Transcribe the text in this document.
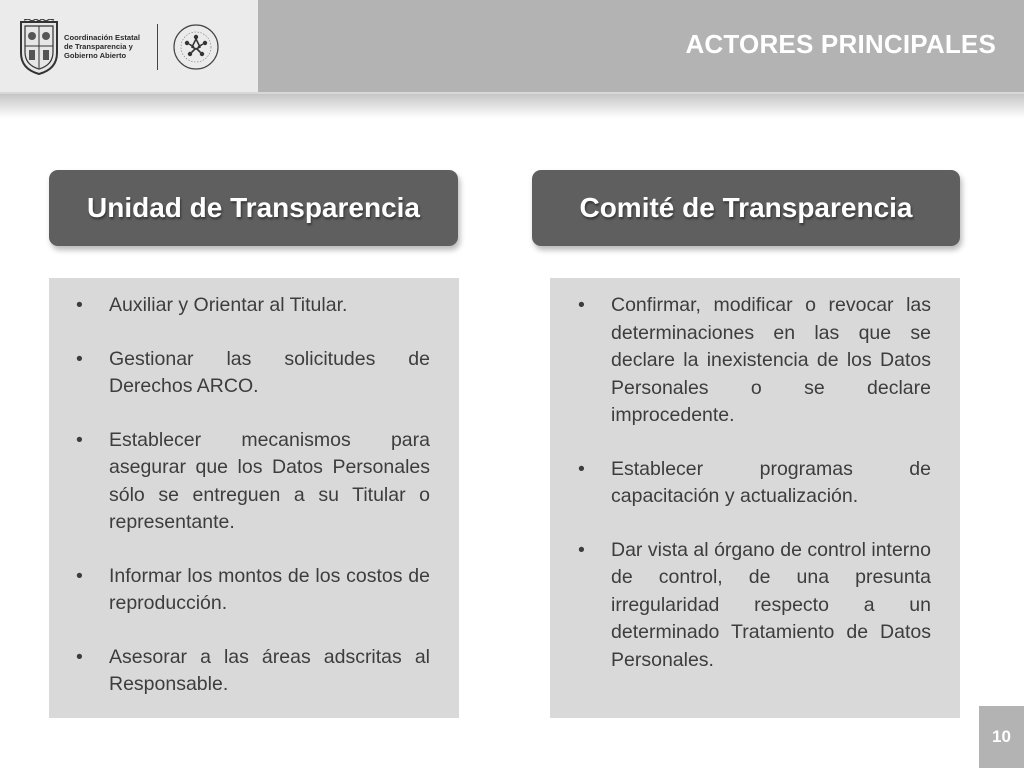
Coordinación Estatal
de Transparencia y
Gobierno Abierto	ACTORES PRINCIPALES
Unidad de Transparencia	Comité de Transparencia
•	Auxiliar y Orientar al Titular.
•	Gestionar las solicitudes de Derechos ARCO.
•	Establecer mecanismos para asegurar que los Datos Personales sólo se entreguen a su Titular o representante.
•	Informar los montos de los costos de reproducción.
•	Asesorar a las áreas adscritas al Responsable.
•	Confirmar, modificar o revocar las determinaciones en las que se declare la inexistencia de los Datos Personales o se declare improcedente.
•	Establecer programas de capacitación y actualización.
•	Dar vista al órgano de control interno de control, de una presunta irregularidad respecto a un determinado Tratamiento de Datos Personales.
10
